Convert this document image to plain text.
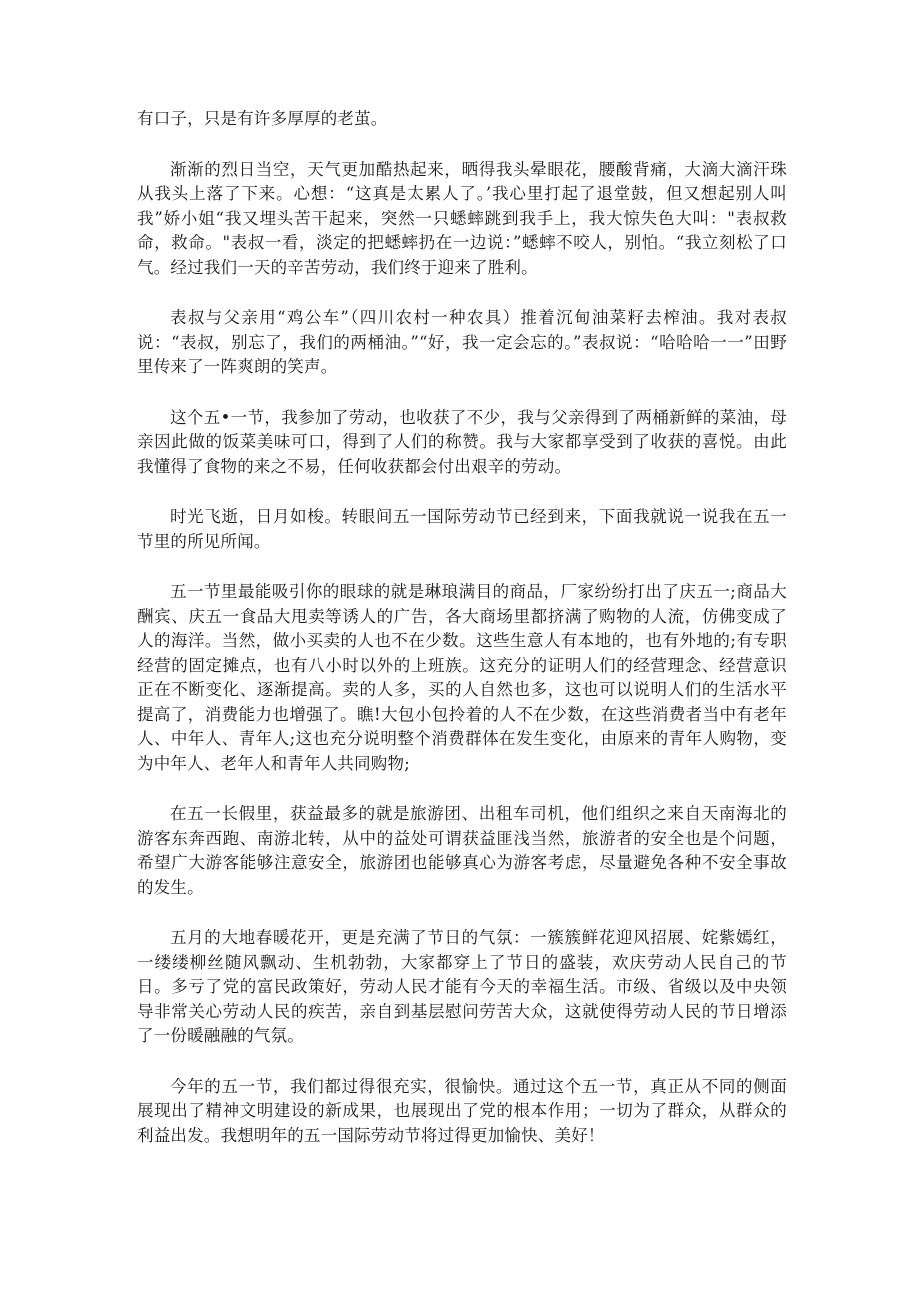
有口子，只是有许多厚厚的老茧。

渐渐的烈日当空，天气更加酷热起来，晒得我头晕眼花，腰酸背痛，大滴大滴汗珠从我头上落了下来。心想：“这真是太累人了。’我心里打起了退堂鼓，但又想起别人叫我”娇小姐“我又埋头苦干起来，突然一只蟋蟀跳到我手上，我大惊失色大叫："表叔救命，救命。"表叔一看，淡定的把蟋蟀扔在一边说：”蟋蟀不咬人，别怕。“我立刻松了口气。经过我们一天的辛苦劳动，我们终于迎来了胜利。

表叔与父亲用“鸡公车”（四川农村一种农具）推着沉甸油菜籽去榨油。我对表叔说：“表叔，别忘了，我们的两桶油。”“好，我一定会忘的。”表叔说：“哈哈哈一一”田野里传来了一阵爽朗的笑声。

这个五•一节，我参加了劳动，也收获了不少，我与父亲得到了两桶新鲜的菜油，母亲因此做的饭菜美味可口，得到了人们的称赞。我与大家都享受到了收获的喜悦。由此我懂得了食物的来之不易，任何收获都会付出艰辛的劳动。

时光飞逝，日月如梭。转眼间五一国际劳动节已经到来，下面我就说一说我在五一节里的所见所闻。

五一节里最能吸引你的眼球的就是琳琅满目的商品，厂家纷纷打出了庆五一;商品大酬宾、庆五一食品大甩卖等诱人的广告，各大商场里都挤满了购物的人流，仿佛变成了人的海洋。当然，做小买卖的人也不在少数。这些生意人有本地的，也有外地的;有专职经营的固定摊点，也有八小时以外的上班族。这充分的证明人们的经营理念、经营意识正在不断变化、逐渐提高。卖的人多，买的人自然也多，这也可以说明人们的生活水平提高了，消费能力也增强了。瞧!大包小包拎着的人不在少数，在这些消费者当中有老年人、中年人、青年人;这也充分说明整个消费群体在发生变化，由原来的青年人购物，变为中年人、老年人和青年人共同购物;

在五一长假里，获益最多的就是旅游团、出租车司机，他们组织之来自天南海北的游客东奔西跑、南游北转，从中的益处可谓获益匪浅当然，旅游者的安全也是个问题，希望广大游客能够注意安全，旅游团也能够真心为游客考虑，尽量避免各种不安全事故的发生。

五月的大地春暖花开，更是充满了节日的气氛：一簇簇鲜花迎风招展、姹紫嫣红，一缕缕柳丝随风飘动、生机勃勃，大家都穿上了节日的盛装，欢庆劳动人民自己的节日。多亏了党的富民政策好，劳动人民才能有今天的幸福生活。市级、省级以及中央领导非常关心劳动人民的疾苦，亲自到基层慰问劳苦大众，这就使得劳动人民的节日增添了一份暖融融的气氛。

今年的五一节，我们都过得很充实，很愉快。通过这个五一节，真正从不同的侧面展现出了精神文明建设的新成果，也展现出了党的根本作用；一切为了群众，从群众的利益出发。我想明年的五一国际劳动节将过得更加愉快、美好！
